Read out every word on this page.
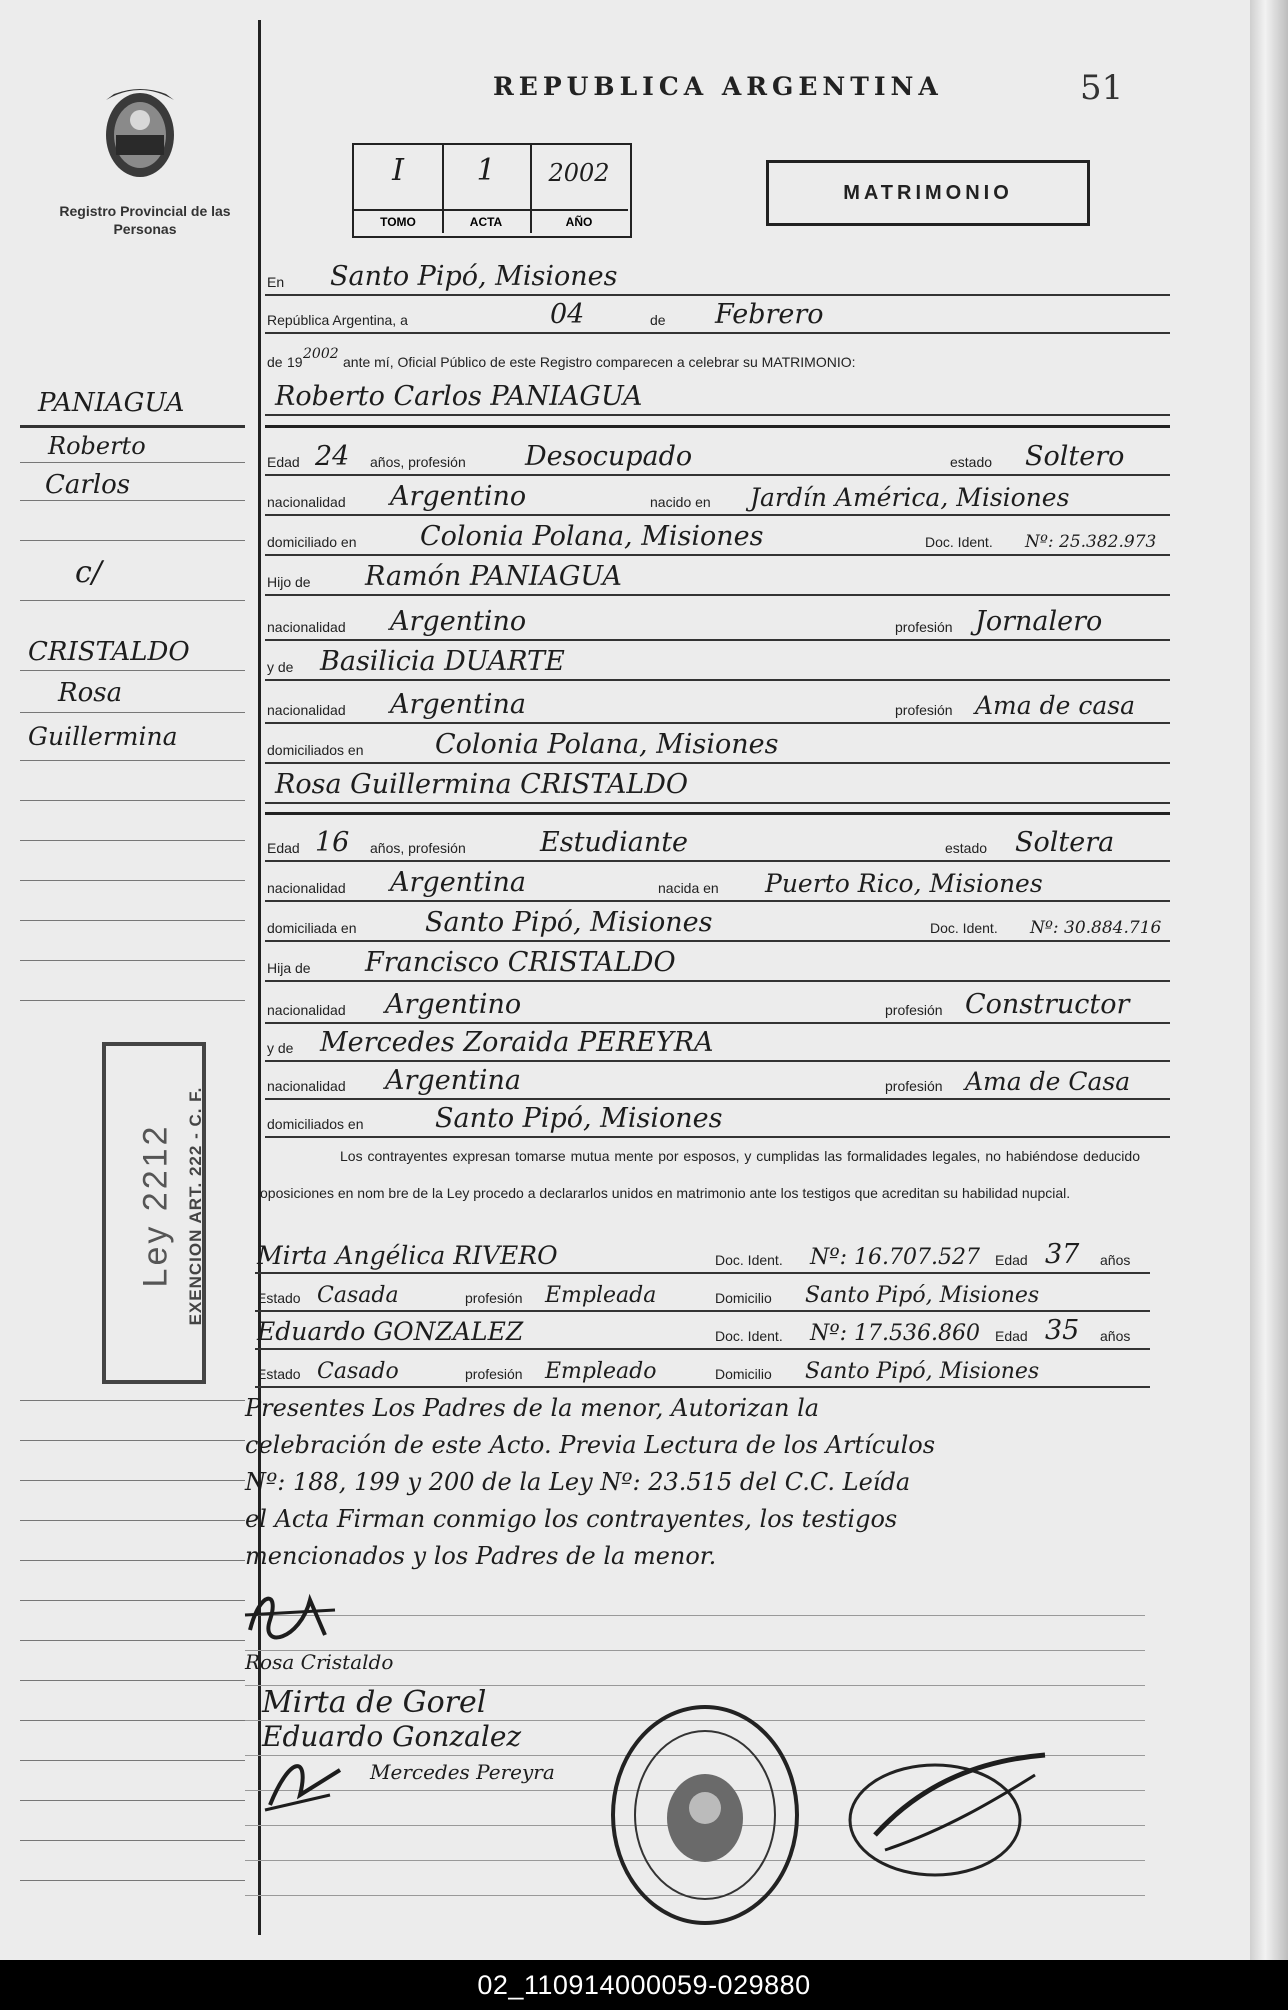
Registro Provincial de las Personas
REPUBLICA ARGENTINA	51
I
TOMO
1
ACTA
2002
AÑO
MATRIMONIO
En Santo Pipó, Misiones
República Argentina, a	04	de Febrero
de 19 2002 ante mí, Oficial Público de este Registro comparecen a celebrar su MATRIMONIO:
Roberto Carlos PANIAGUA
Edad 24 años, profesión Desocupado	estado Soltero
nacionalidad Argentino	nacido en Jardín América, Misiones
domiciliado en Colonia Polana, Misiones	Doc. Ident. Nº: 25.382.973
Hijo de Ramón PANIAGUA
nacionalidad Argentino	profesión Jornalero
y de Basilicia DUARTE
nacionalidad Argentina	profesión Ama de casa
domiciliados en	Colonia Polana, Misiones
Rosa Guillermina CRISTALDO
Edad 16 años, profesión	Estudiante	estado Soltera
nacionalidad Argentina	nacida en Puerto Rico, Misiones
domiciliada en	Santo Pipó, Misiones	Doc. Ident. Nº: 30.884.716
Hija de Francisco CRISTALDO
nacionalidad Argentino	profesión Constructor
y de Mercedes Zoraida PEREYRA
nacionalidad Argentina	profesión Ama de Casa
domiciliados en	Santo Pipó, Misiones
Los contrayentes expresan tomarse mutua mente por esposos, y cumplidas las formalidades legales, no habiéndose deducido oposiciones en nom bre de la Ley procedo a declararlos unidos en matrimonio ante los testigos que acreditan su habilidad nupcial.
Mirta Angélica RIVERO	Doc. Ident. Nº: 16.707.527 Edad 37 años
Estado Casada	profesión Empleada	Domicilio Santo Pipó, Misiones
Eduardo GONZALEZ	Doc. Ident. Nº: 17.536.860 Edad 35 años
Estado Casado	profesión Empleado	Domicilio Santo Pipó, Misiones
Presentes Los Padres de la menor, Autorizan la
celebración de este Acto. Previa Lectura de los Artículos
Nº: 188, 199 y 200 de la Ley Nº: 23.515 del C.C. Leída
el Acta Firman conmigo los contrayentes, los testigos
mencionados y los Padres de la menor.
Rosa Cristaldo
Mirta de Gorel
Eduardo Gonzalez
Mercedes Pereyra
PANIAGUA
Roberto
Carlos
c/
CRISTALDO
Rosa
Guillermina
Ley 2212 EXENCION ART. 222 - C. F.
02_110914000059-029880
